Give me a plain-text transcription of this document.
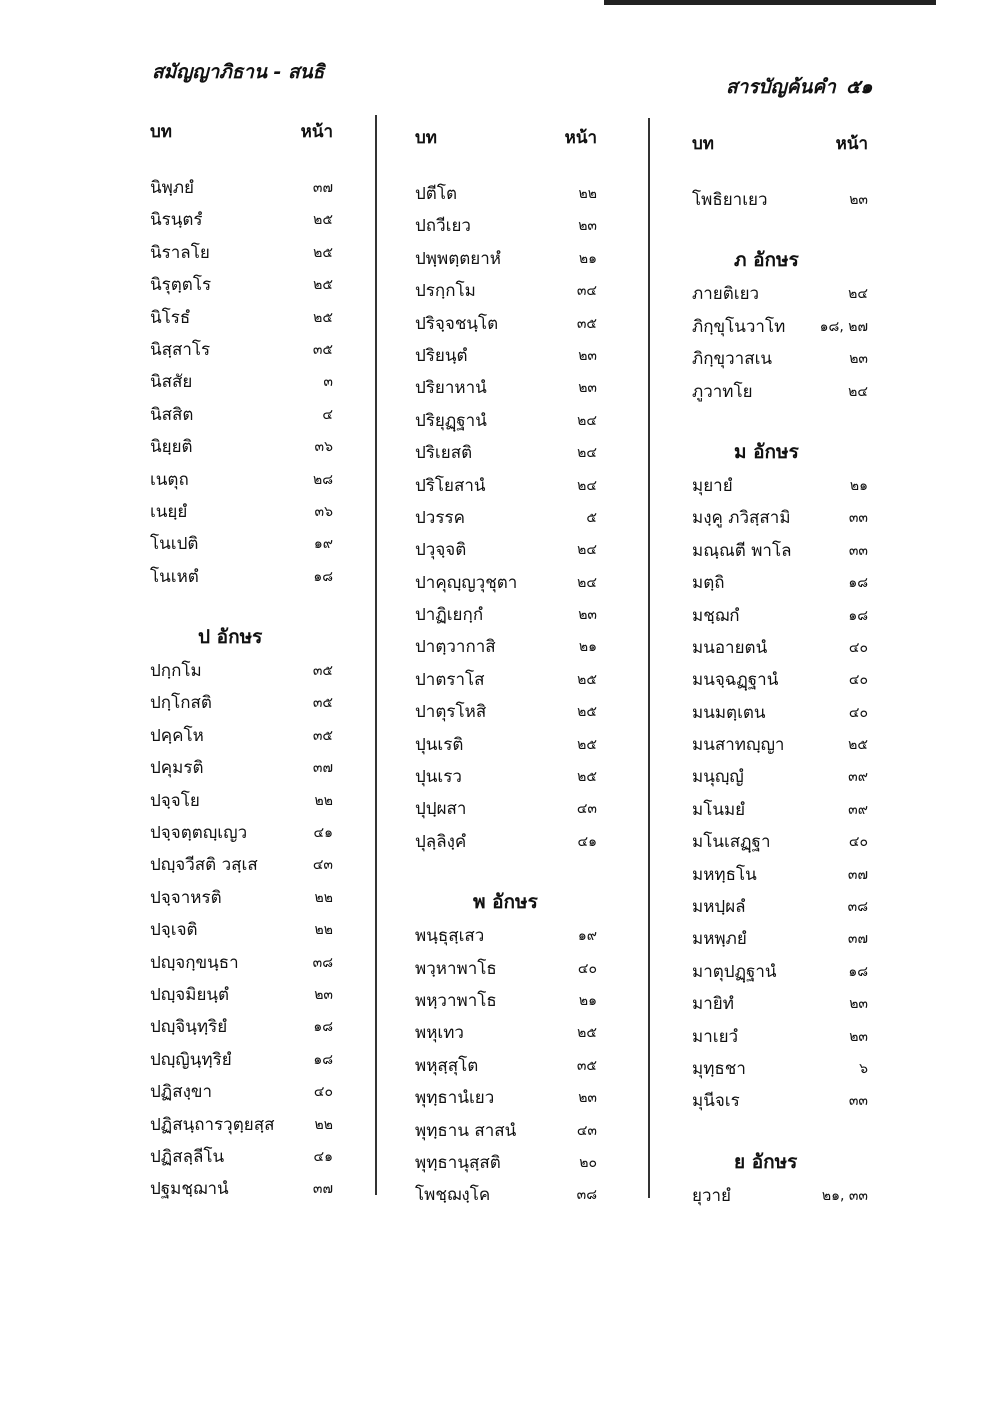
สมัญญาภิธาน - สนธิ
สารบัญค้นคำ ๕๑
บท	หน้า
นิพฺภยํ	๓๗
นิรนฺตรํ	๒๕
นิราลโย	๒๕
นิรุตฺตโร	๒๕
นิโรธํ	๒๕
นิสฺสาโร	๓๕
นิสสัย	๓
นิสสิต	๔
นิยฺยติ	๓๖
เนตุถ	๒๘
เนยฺยํ	๓๖
โนเปติ	๑๙
โนเหตํ	๑๘
ป อักษร
ปกฺกโม	๓๕
ปกฺโกสติ	๓๕
ปคฺคโห	๓๕
ปคุมรติ	๓๗
ปจฺจโย	๒๒
ปจฺจตฺตญฺเญว	๔๑
ปญฺจวีสติ วสฺเส	๔๓
ปจฺจาหรติ	๒๒
ปจฺเจติ	๒๒
ปญฺจกฺขนฺธา	๓๘
ปญฺจมิยนฺตํ	๒๓
ปญฺจินฺทฺริยํ	๑๘
ปญฺญินฺทฺริยํ	๑๘
ปฏิสงฺขา	๔๐
ปฏิสนฺถารวุตฺยสฺส	๒๒
ปฏิสลฺลีโน	๔๑
ปฐมชฺฌานํ	๓๗
บท	หน้า
ปตีโต	๒๒
ปถวีเยว	๒๓
ปพฺพตฺตยาหํ	๒๑
ปรกฺกโม	๓๔
ปริจฺจชนฺโต	๓๕
ปริยนฺตํ	๒๓
ปริยาหานํ	๒๓
ปริยุฏฺฐานํ	๒๔
ปริเยสติ	๒๔
ปริโยสานํ	๒๔
ปวรรค	๕
ปวุจฺจติ	๒๔
ปาคุญฺญวุชุตา	๒๔
ปาฏิเยกฺกํ	๒๓
ปาตฺวากาสิ	๒๑
ปาตราโส	๒๕
ปาตุรโหสิ	๒๕
ปุนเรติ	๒๕
ปุนเรว	๒๕
ปุปฺผสา	๔๓
ปุลฺลิงฺคํ	๔๑
พ อักษร
พนฺธุสฺเสว	๑๙
พวฺหาพาโธ	๔๐
พหฺวาพาโธ	๒๑
พหุเทว	๒๕
พหุสฺสุโต	๓๕
พุทฺธานํเยว	๒๓
พุทฺธาน สาสนํ	๔๓
พุทฺธานุสฺสติ	๒๐
โพชฺฌงฺโค	๓๘
บท	หน้า
โพธิยาเยว	๒๓
ภ อักษร
ภายติเยว	๒๔
ภิกฺขุโนวาโท ๑๘, ๒๗
ภิกฺขุวาสเน	๒๓
ภูวาทโย	๒๔
ม อักษร
มุยายํ	๒๑
มงฺคู ภวิสฺสามิ	๓๓
มณฺณตี พาโล	๓๓
มตฺถิ	๑๘
มชฺฌกํ	๑๘
มนอายตนํ	๔๐
มนจฺฉฏฺฐานํ	๔๐
มนมตฺเตน	๔๐
มนสาทญฺญา	๒๕
มนุญฺญํ	๓๙
มโนมยํ	๓๙
มโนเสฏฺฐา	๔๐
มหทฺธโน	๓๗
มหปฺผลํ	๓๘
มหพฺภยํ	๓๗
มาตุปฏฺฐานํ	๑๘
มายิทํ	๒๓
มาเยวํ	๒๓
มุทฺธชา	๖
มุนีจเร	๓๓
ย อักษร
ยุวายํ	๒๑, ๓๓
